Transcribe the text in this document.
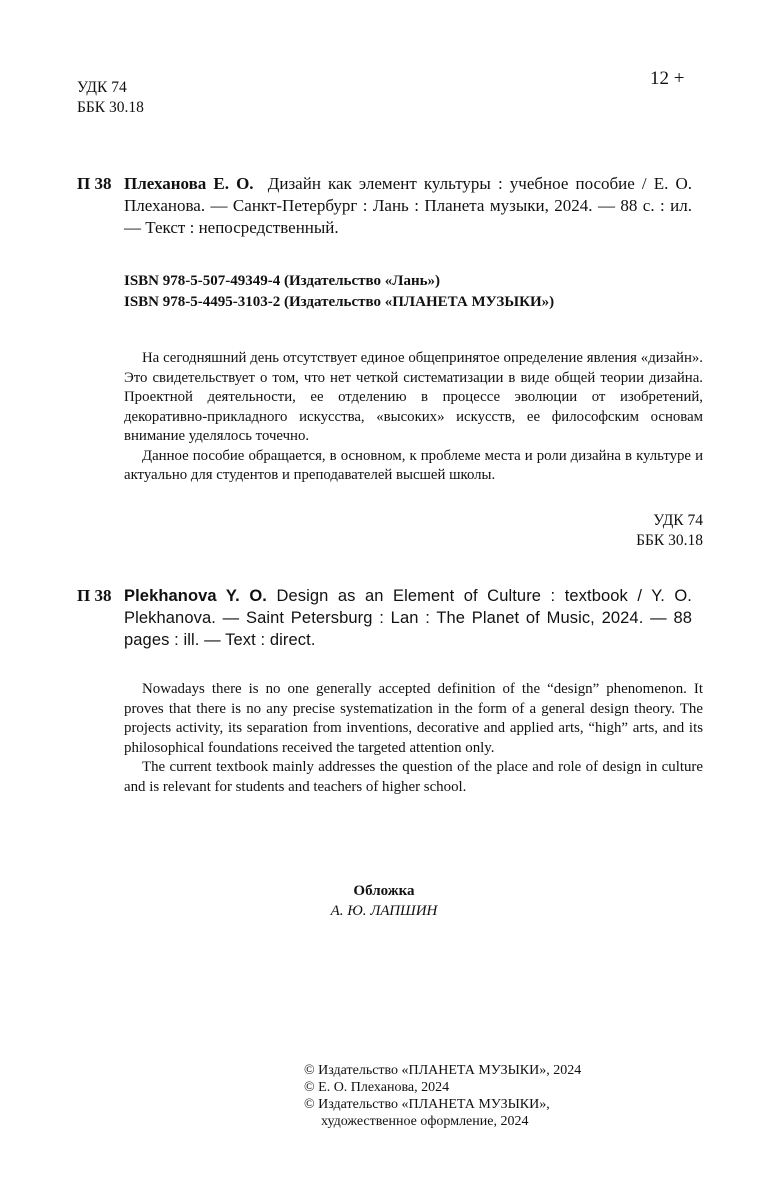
УДК 74
ББК 30.18
12 +
П 38 Плеханова Е. О. Дизайн как элемент культуры : учебное пособие / Е. О. Плеханова. — Санкт-Петербург : Лань : Планета музыки, 2024. — 88 с. : ил. — Текст : непосредственный.
ISBN 978-5-507-49349-4 (Издательство «Лань»)
ISBN 978-5-4495-3103-2 (Издательство «ПЛАНЕТА МУЗЫКИ»)

На сегодняшний день отсутствует единое общепринятое определение явления «дизайн». Это свидетельствует о том, что нет четкой систематизации в виде общей теории дизайна. Проектной деятельности, ее отделению в процессе эволюции от изобретений, декоративно-прикладного искусства, «высоких» искусств, ее философским основам внимание уделялось точечно.

Данное пособие обращается, в основном, к проблеме места и роли дизайна в культуре и актуально для студентов и преподавателей высшей школы.

УДК 74
ББК 30.18
П 38 Plekhanova Y. O. Design as an Element of Culture : textbook / Y. O. Plekhanova. — Saint Petersburg : Lan : The Planet of Music, 2024. — 88 pages : ill. — Text : direct.

Nowadays there is no one generally accepted definition of the “design” phenomenon. It proves that there is no any precise systematization in the form of a general design theory. The projects activity, its separation from inventions, decorative and applied arts, “high” arts, and its philosophical foundations received the targeted attention only.

The current textbook mainly addresses the question of the place and role of design in culture and is relevant for students and teachers of higher school.

Обложка
А. Ю. ЛАПШИН
© Издательство «ПЛАНЕТА МУЗЫКИ», 2024
© Е. О. Плеханова, 2024
© Издательство «ПЛАНЕТА МУЗЫКИ»,
художественное оформление, 2024
